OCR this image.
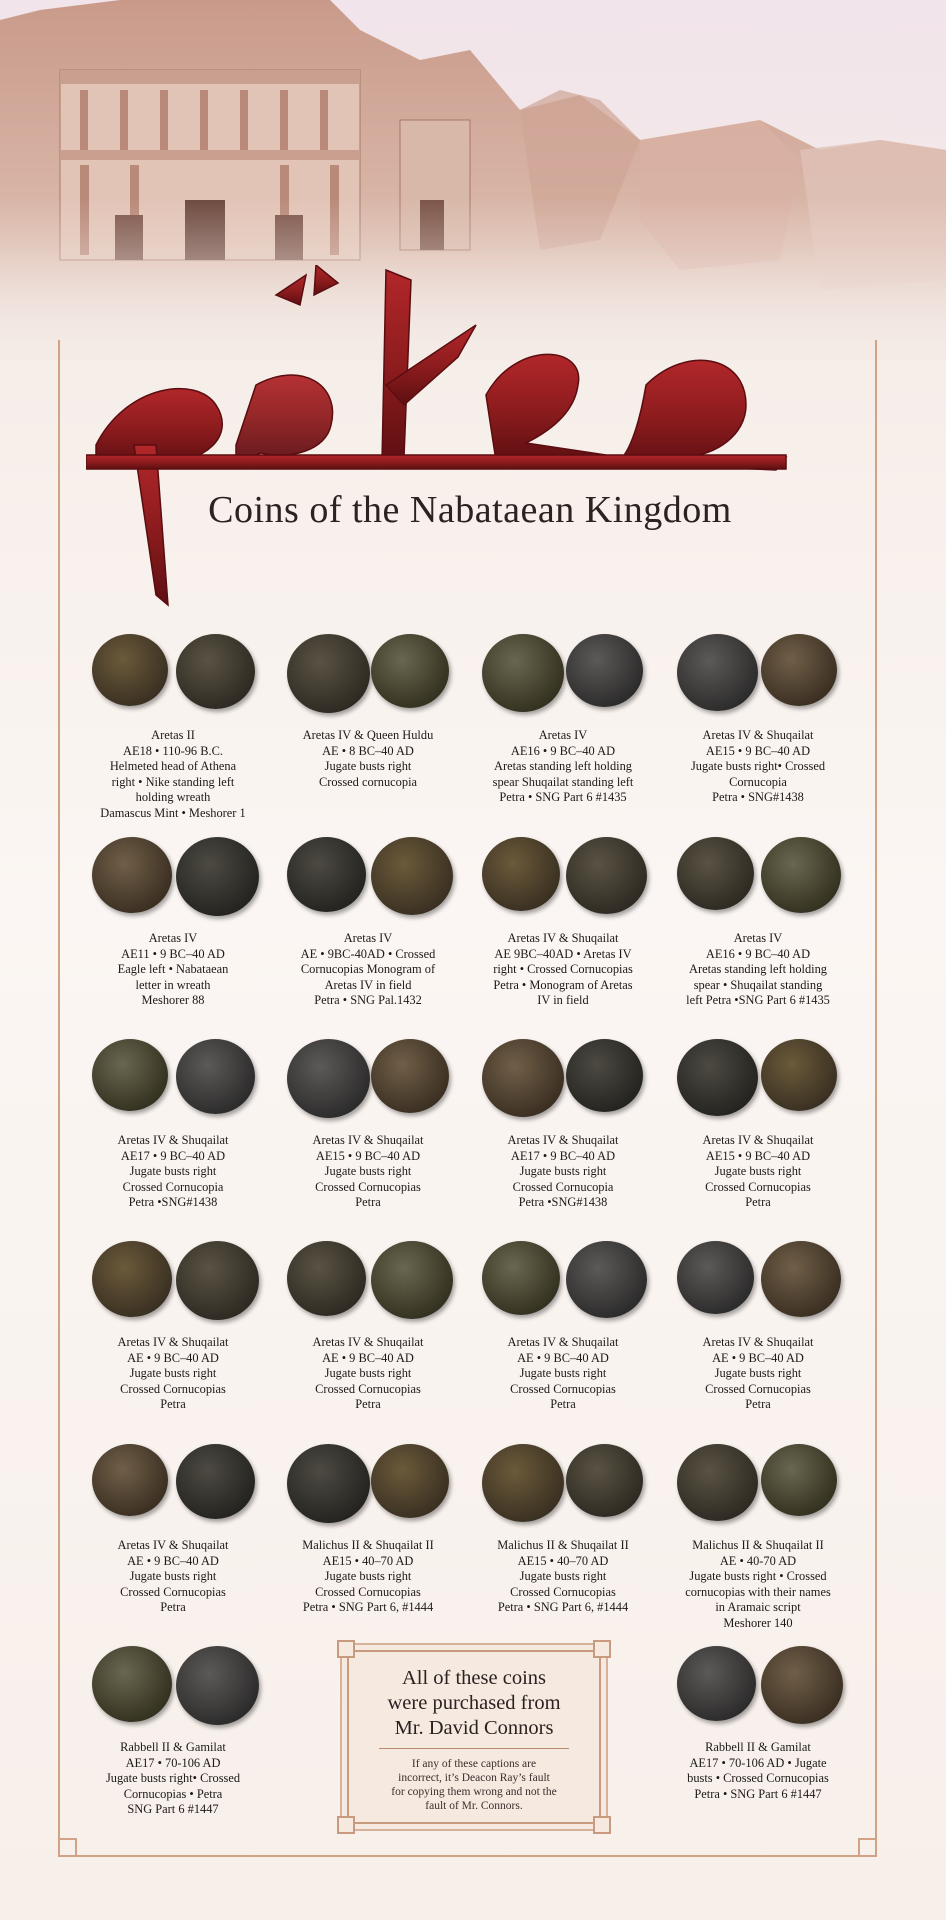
Coins of the Nabataean Kingdom
Aretas II
AE18 • 110-96 B.C.
Helmeted head of Athena
right • Nike standing left
holding wreath
Damascus Mint • Meshorer 1
Aretas IV & Queen Huldu
AE • 8 BC–40 AD
Jugate busts right
Crossed cornucopia
Aretas IV
AE16 • 9 BC–40 AD
Aretas standing left holding
spear Shuqailat standing left
Petra • SNG Part 6 #1435
Aretas IV & Shuqailat
AE15 • 9 BC–40 AD
Jugate busts right• Crossed
Cornucopia
Petra • SNG#1438
Aretas IV
AE11 • 9 BC–40 AD
Eagle left • Nabataean
letter in wreath
Meshorer 88
Aretas IV
AE • 9BC-40AD • Crossed
Cornucopias Monogram of
Aretas IV in field
Petra • SNG Pal.1432
Aretas IV & Shuqailat
AE 9BC–40AD • Aretas IV
right • Crossed Cornucopias
Petra • Monogram of Aretas
IV in field
Aretas IV
AE16 • 9 BC–40 AD
Aretas standing left holding
spear • Shuqailat standing
left Petra •SNG Part 6 #1435
Aretas IV & Shuqailat
AE17 • 9 BC–40 AD
Jugate busts right
Crossed Cornucopia
Petra •SNG#1438
Aretas IV & Shuqailat
AE15 • 9 BC–40 AD
Jugate busts right
Crossed Cornucopias
Petra
Aretas IV & Shuqailat
AE17 • 9 BC–40 AD
Jugate busts right
Crossed Cornucopia
Petra •SNG#1438
Aretas IV & Shuqailat
AE15 • 9 BC–40 AD
Jugate busts right
Crossed Cornucopias
Petra
Aretas IV & Shuqailat
AE • 9 BC–40 AD
Jugate busts right
Crossed Cornucopias
Petra
Aretas IV & Shuqailat
AE • 9 BC–40 AD
Jugate busts right
Crossed Cornucopias
Petra
Aretas IV & Shuqailat
AE • 9 BC–40 AD
Jugate busts right
Crossed Cornucopias
Petra
Aretas IV & Shuqailat
AE • 9 BC–40 AD
Jugate busts right
Crossed Cornucopias
Petra
Aretas IV & Shuqailat
AE • 9 BC–40 AD
Jugate busts right
Crossed Cornucopias
Petra
Malichus II & Shuqailat II
AE15 • 40–70 AD
Jugate busts right
Crossed Cornucopias
Petra • SNG Part 6, #1444
Malichus II & Shuqailat II
AE15 • 40–70 AD
Jugate busts right
Crossed Cornucopias
Petra • SNG Part 6, #1444
Malichus II & Shuqailat II
AE • 40-70 AD
Jugate busts right • Crossed
cornucopias with their names
in Aramaic script
Meshorer 140
Rabbell II & Gamilat
AE17 • 70-106 AD
Jugate busts right• Crossed
Cornucopias • Petra
SNG Part 6 #1447
Rabbell II & Gamilat
AE17 • 70-106 AD • Jugate
busts • Crossed Cornucopias
Petra • SNG Part 6 #1447
All of these coins
were purchased from
Mr. David Connors
If any of these captions are
incorrect, it’s Deacon Ray’s fault
for copying them wrong and not the
fault of Mr. Connors.
